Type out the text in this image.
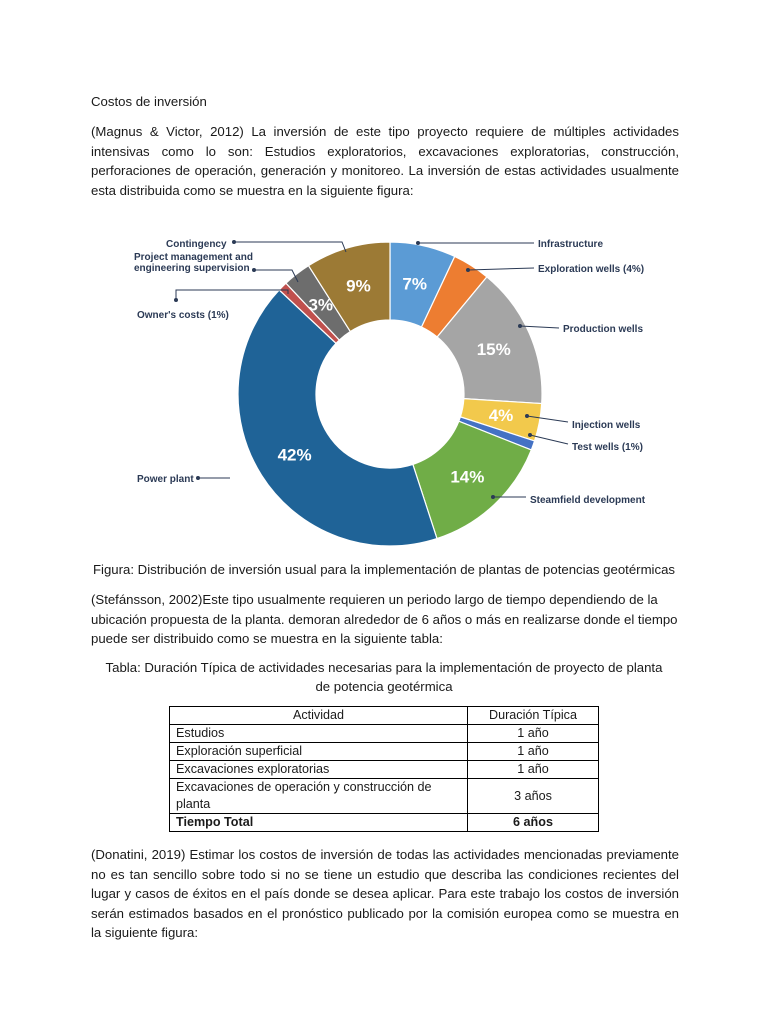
Costos de inversión
(Magnus & Victor, 2012) La inversión de este tipo proyecto requiere de múltiples actividades intensivas como lo son: Estudios exploratorios, excavaciones exploratorias, construcción, perforaciones de operación, generación y monitoreo. La inversión de estas actividades usualmente esta distribuida como se muestra en la siguiente figura:
7%
15%
4%
14%
42%
3%
9%
Infrastructure
Exploration wells (4%)
Production wells
Injection wells
Test wells (1%)
Steamfield development
Power plant
Owner's costs (1%)
Project management and engineering supervision
Contingency
Figura: Distribución de inversión usual para la implementación de plantas de potencias geotérmicas
(Stefánsson, 2002)Este tipo usualmente requieren un periodo largo de tiempo dependiendo de la ubicación propuesta de la planta. demoran alrededor de 6 años o más en realizarse donde el tiempo puede ser distribuido como se muestra en la siguiente tabla:
Tabla: Duración Típica de actividades necesarias para la implementación de proyecto de planta de potencia geotérmica
Actividad	Duración Típica
Estudios	1 año
Exploración superficial	1 año
Excavaciones exploratorias	1 año
Excavaciones de operación y construcción de planta	3 años
Tiempo Total	6 años
(Donatini, 2019) Estimar los costos de inversión de todas las actividades mencionadas previamente no es tan sencillo sobre todo si no se tiene un estudio que describa las condiciones recientes del lugar y casos de éxitos en el país donde se desea aplicar. Para este trabajo los costos de inversión serán estimados basados en el pronóstico publicado por la comisión europea como se muestra en la siguiente figura:
